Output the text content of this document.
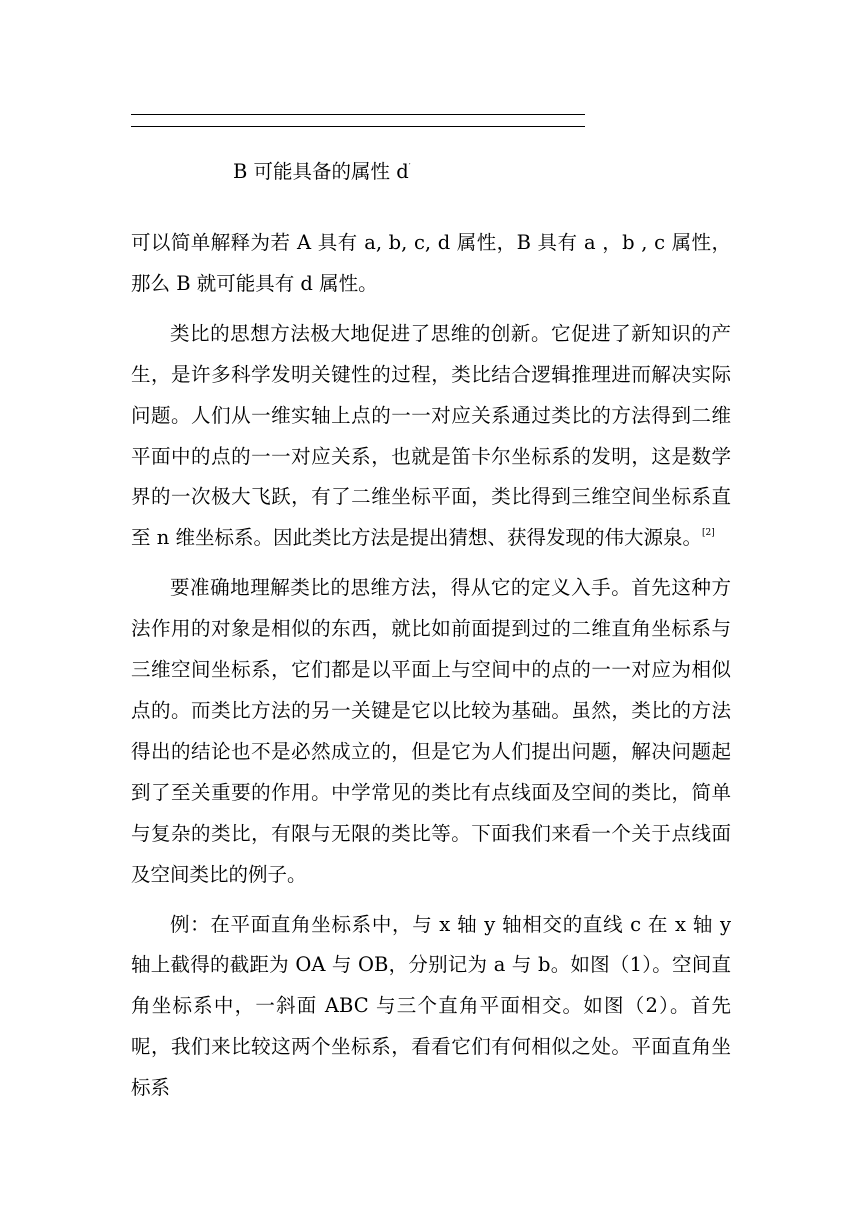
B 可能具备的属性 d′

可以简单解释为若 A 具有 a, b, c, d 属性，B 具有 a ，b , c 属性，那么 B 就可能具有 d 属性。

类比的思想方法极大地促进了思维的创新。它促进了新知识的产生，是许多科学发明关键性的过程，类比结合逻辑推理进而解决实际问题。人们从一维实轴上点的一一对应关系通过类比的方法得到二维平面中的点的一一对应关系，也就是笛卡尔坐标系的发明，这是数学界的一次极大飞跃，有了二维坐标平面，类比得到三维空间坐标系直至 n 维坐标系。因此类比方法是提出猜想、获得发现的伟大源泉。[2]

要准确地理解类比的思维方法，得从它的定义入手。首先这种方法作用的对象是相似的东西，就比如前面提到过的二维直角坐标系与三维空间坐标系，它们都是以平面上与空间中的点的一一对应为相似点的。而类比方法的另一关键是它以比较为基础。虽然，类比的方法得出的结论也不是必然成立的，但是它为人们提出问题，解决问题起到了至关重要的作用。中学常见的类比有点线面及空间的类比，简单与复杂的类比，有限与无限的类比等。下面我们来看一个关于点线面及空间类比的例子。

例：在平面直角坐标系中，与 x 轴 y 轴相交的直线 c 在 x 轴 y 轴上截得的截距为 OA 与 OB，分别记为 a 与 b。如图（1）。空间直角坐标系中，一斜面 ABC 与三个直角平面相交。如图（2）。首先呢，我们来比较这两个坐标系，看看它们有何相似之处。平面直角坐标系
